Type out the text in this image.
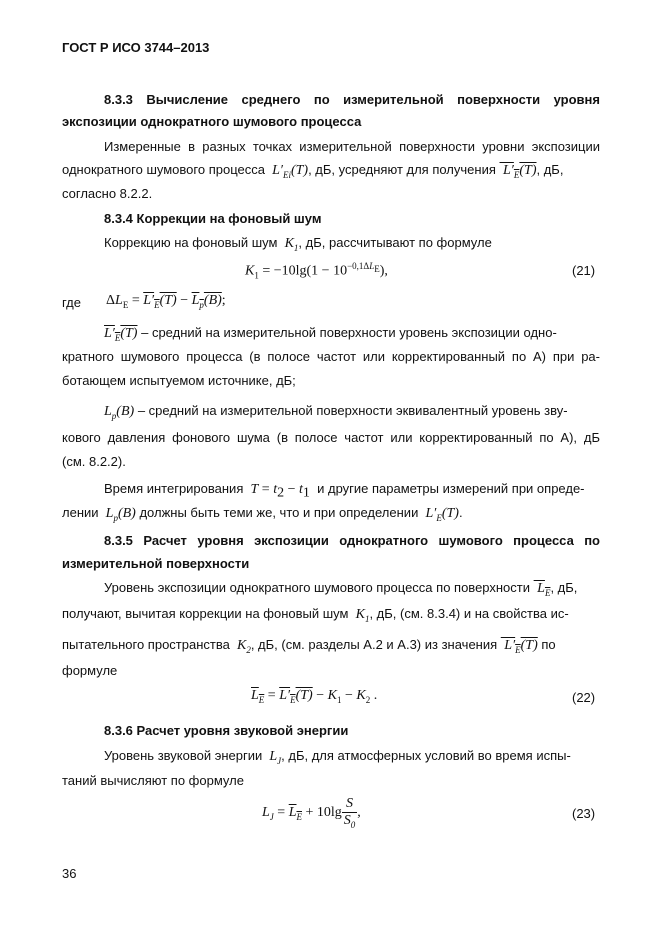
ГОСТ Р ИСО 3744–2013
8.3.3 Вычисление среднего по измерительной поверхности уровня
экспозиции однократного шумового процесса
Измеренные в разных точках измерительной поверхности уровни экспозиции
однократного шумового процесса  $L'_{Ei}(T)$, дБ, усредняют для получения  $L'_E(T)$, дБ,
согласно 8.2.2.
8.3.4 Коррекции на фоновый шум
Коррекцию на фоновый шум  $K_1$, дБ, рассчитывают по формуле
$K_1 = -10\lg(1 - 10^{-0,1\Delta L_E})$,	(21)
где $\Delta L_E = L'_E(T) - L_p(B)$;
$L'_E(T)$ – средний на измерительной поверхности уровень экспозиции одно-
кратного шумового процесса (в полосе частот или корректированный по А) при ра-
ботающем испытуемом источнике, дБ;
$L_p(B)$ – средний на измерительной поверхности эквивалентный уровень зву-
кового давления фонового шума (в полосе частот или корректированный по А), дБ
(см. 8.2.2).
Время интегрирования  $T = t_2 - t_1$ и другие параметры измерений при опреде-
лении  $L_p(B)$ должны быть теми же, что и при определении  $L'_E(T)$.
8.3.5 Расчет уровня экспозиции однократного шумового процесса по
измерительной поверхности
Уровень экспозиции однократного шумового процесса по поверхности  $L_E$, дБ,
получают, вычитая коррекции на фоновый шум  $K_1$, дБ, (см. 8.3.4) и на свойства ис-
пытательного пространства  $K_2$, дБ, (см. разделы А.2 и А.3) из значения  $L'_E(T)$ по
формуле
$L_E = L'_E(T) - K_1 - K_2$ .	(22)
8.3.6 Расчет уровня звуковой энергии
Уровень звуковой энергии  $L_J$, дБ, для атмосферных условий во время испы-
таний вычисляют по формуле
$L_J = L_E + 10\lg \frac{S}{S_0}$ ,	(23)
36
